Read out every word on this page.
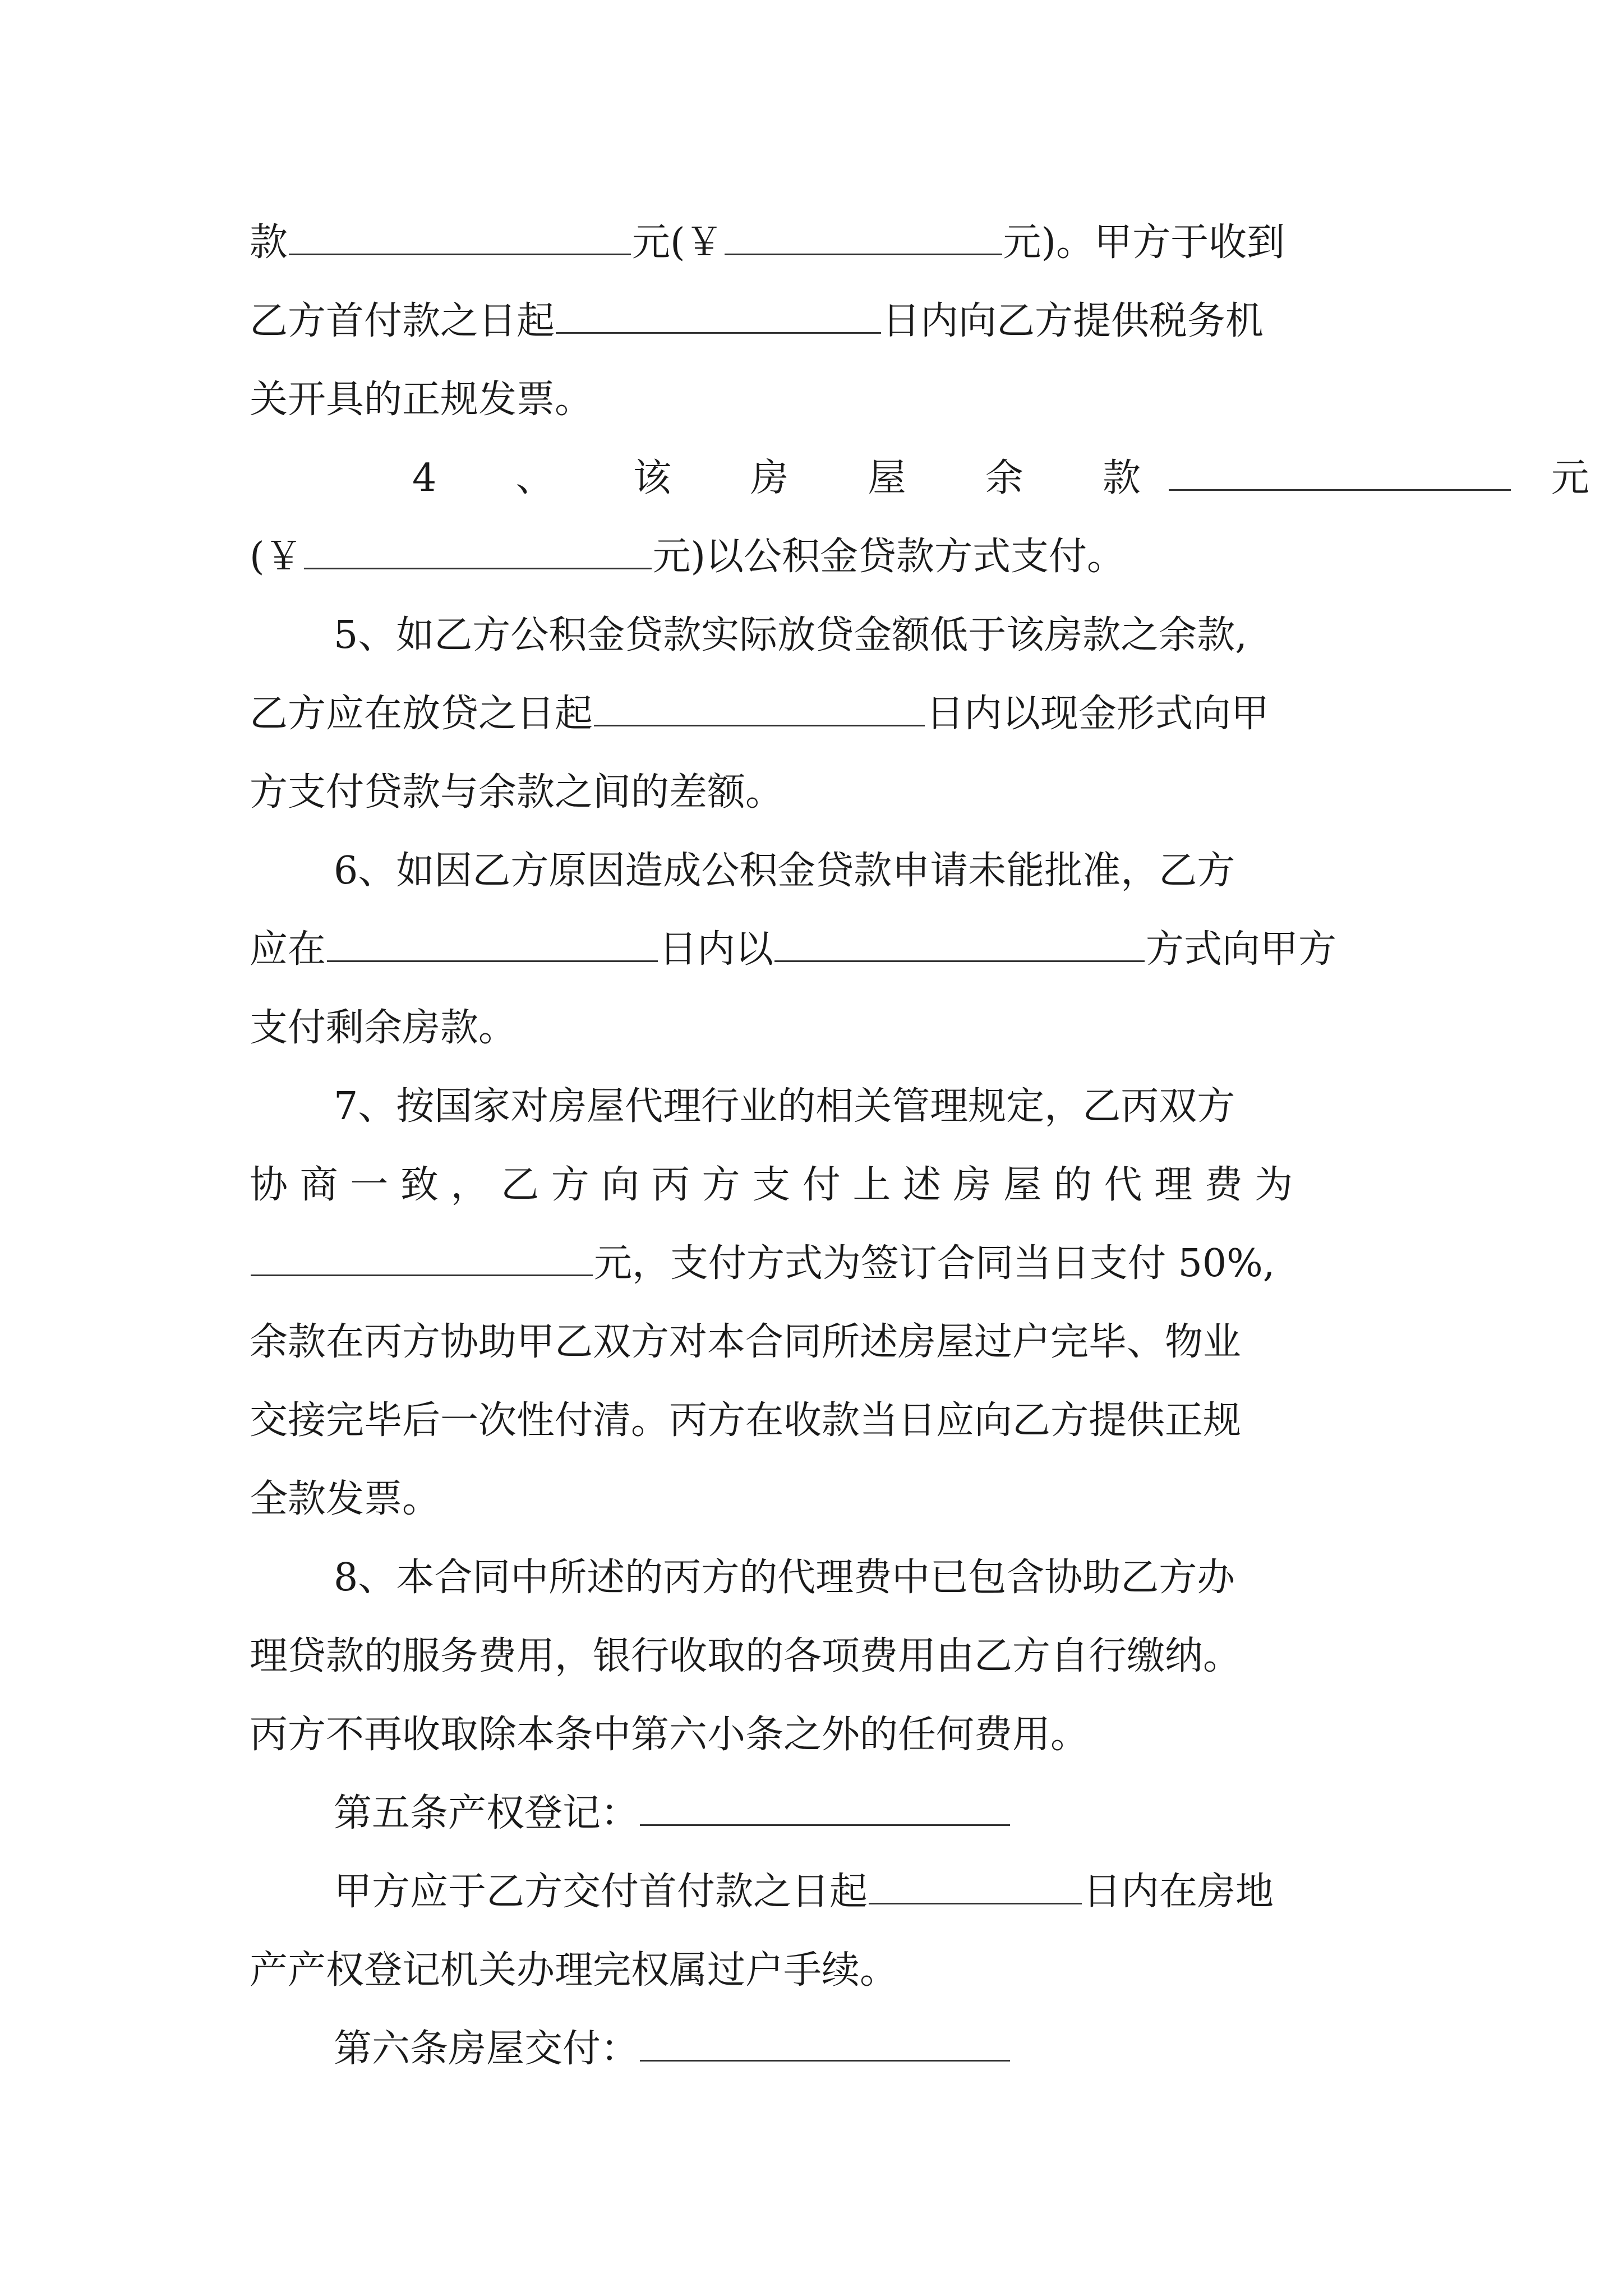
款	元(￥	元)。甲方于收到
乙方首付款之日起	日内向乙方提供税务机
关开具的正规发票。
4 、 该 房 屋 余 款	元
(￥	元)以公积金贷款方式支付。
5、如乙方公积金贷款实际放贷金额低于该房款之余款,
乙方应在放贷之日起	日内以现金形式向甲
方支付贷款与余款之间的差额。
6、如因乙方原因造成公积金贷款申请未能批准，乙方
应在	日内以	方式向甲方
支付剩余房款。
7、按国家对房屋代理行业的相关管理规定，乙丙双方
协 商 一 致 ， 乙 方 向 丙 方 支 付 上 述 房 屋 的 代 理 费 为
元，支付方式为签订合同当日支付 50%,
余款在丙方协助甲乙双方对本合同所述房屋过户完毕、物业
交接完毕后一次性付清。丙方在收款当日应向乙方提供正规
全款发票。
8、本合同中所述的丙方的代理费中已包含协助乙方办
理贷款的服务费用，银行收取的各项费用由乙方自行缴纳。
丙方不再收取除本条中第六小条之外的任何费用。
第五条产权登记：
甲方应于乙方交付首付款之日起	日内在房地
产产权登记机关办理完权属过户手续。
第六条房屋交付：
